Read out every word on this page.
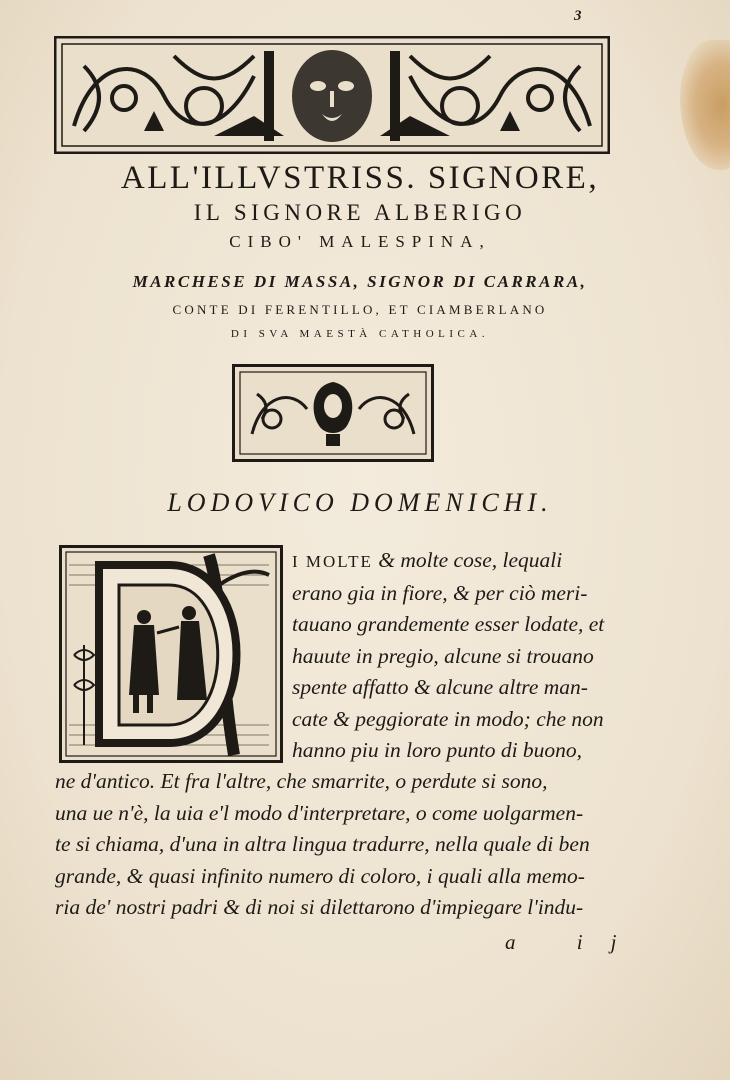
3
ALL'ILLVSTRISS. SIGNORE,
IL SIGNORE ALBERIGO
CIBO' MALESPINA,
MARCHESE DI MASSA, SIGNOR DI CARRARA,
CONTE DI FERENTILLO, ET CIAMBERLANO
DI SVA MAESTÀ CATHOLICA.
LODOVICO DOMENICHI.
I MOLTE & molte cose, lequali
erano gia in fiore, & per ciò meri-
tauano grandemente esser lodate, et
hauute in pregio, alcune si trouano
spente affatto & alcune altre man-
cate & peggiorate in modo; che non
hanno piu in loro punto di buono,
ne d'antico. Et fra l'altre, che smarrite, o perdute si sono,
una ue n'è, la uia e'l modo d'interpretare, o come uolgarmen-
te si chiama, d'una in altra lingua tradurre, nella quale di ben
grande, & quasi infinito numero di coloro, i quali alla memo-
ria de' nostri padri & di noi si dilettarono d'impiegare l'indu-
a ij
